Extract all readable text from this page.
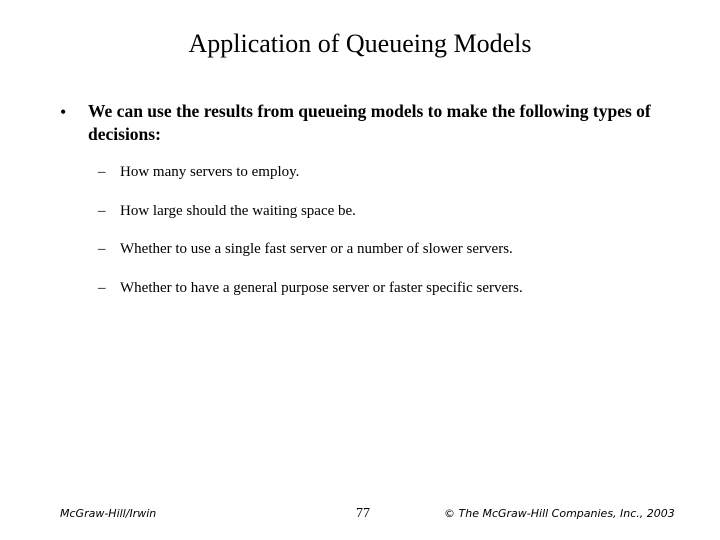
Application of Queueing Models
• We can use the results from queueing models to make the following types of decisions:
– How many servers to employ.
– How large should the waiting space be.
– Whether to use a single fast server or a number of slower servers.
– Whether to have a general purpose server or faster specific servers.
McGraw-Hill/Irwin	77	© The McGraw-Hill Companies, Inc., 2003
